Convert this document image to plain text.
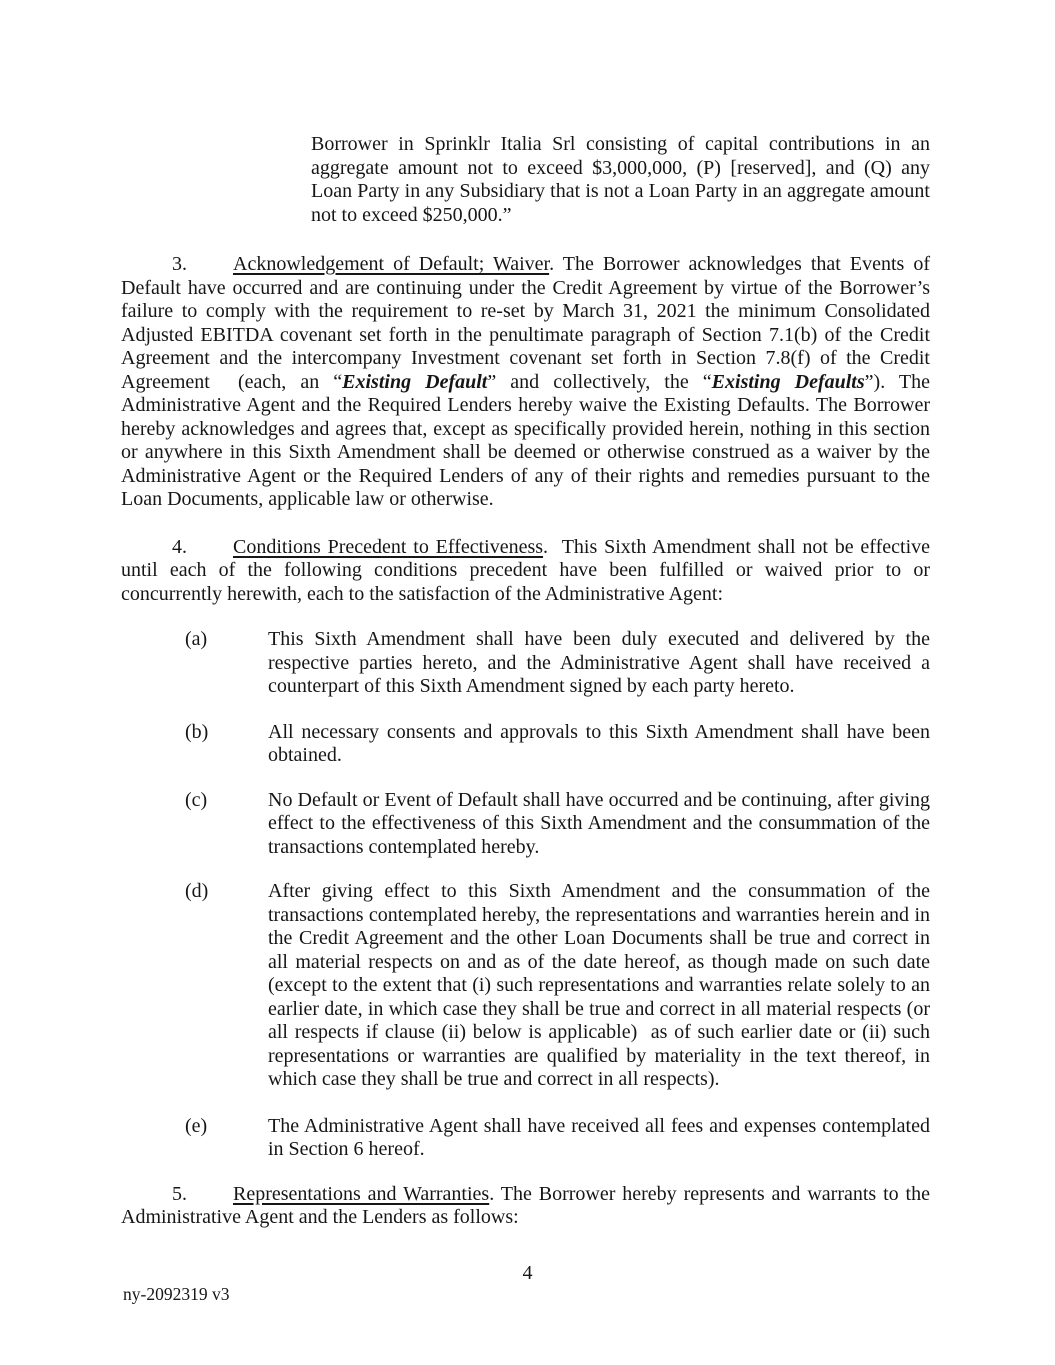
Borrower in Sprinklr Italia Srl consisting of capital contributions in an aggregate amount not to exceed $3,000,000, (P) [reserved], and (Q) any Loan Party in any Subsidiary that is not a Loan Party in an aggregate amount not to exceed $250,000.”

3. Acknowledgement of Default; Waiver. The Borrower acknowledges that Events of Default have occurred and are continuing under the Credit Agreement by virtue of the Borrower’s failure to comply with the requirement to re-set by March 31, 2021 the minimum Consolidated Adjusted EBITDA covenant set forth in the penultimate paragraph of Section 7.1(b) of the Credit Agreement and the intercompany Investment covenant set forth in Section 7.8(f) of the Credit Agreement  (each, an “Existing Default” and collectively, the “Existing Defaults”). The Administrative Agent and the Required Lenders hereby waive the Existing Defaults. The Borrower hereby acknowledges and agrees that, except as specifically provided herein, nothing in this section or anywhere in this Sixth Amendment shall be deemed or otherwise construed as a waiver by the Administrative Agent or the Required Lenders of any of their rights and remedies pursuant to the Loan Documents, applicable law or otherwise.

4. Conditions Precedent to Effectiveness.  This Sixth Amendment shall not be effective until each of the following conditions precedent have been fulfilled or waived prior to or concurrently herewith, each to the satisfaction of the Administrative Agent:

(a)	This Sixth Amendment shall have been duly executed and delivered by the respective parties hereto, and the Administrative Agent shall have received a counterpart of this Sixth Amendment signed by each party hereto.
(b)	All necessary consents and approvals to this Sixth Amendment shall have been obtained.
(c)	No Default or Event of Default shall have occurred and be continuing, after giving effect to the effectiveness of this Sixth Amendment and the consummation of the transactions contemplated hereby.
(d)	After giving effect to this Sixth Amendment and the consummation of the transactions contemplated hereby, the representations and warranties herein and in the Credit Agreement and the other Loan Documents shall be true and correct in all material respects on and as of the date hereof, as though made on such date (except to the extent that (i) such representations and warranties relate solely to an earlier date, in which case they shall be true and correct in all material respects (or all respects if clause (ii) below is applicable)  as of such earlier date or (ii) such representations or warranties are qualified by materiality in the text thereof, in which case they shall be true and correct in all respects).
(e)	The Administrative Agent shall have received all fees and expenses contemplated in Section 6 hereof.

5. Representations and Warranties. The Borrower hereby represents and warrants to the Administrative Agent and the Lenders as follows:

4
ny-2092319 v3
